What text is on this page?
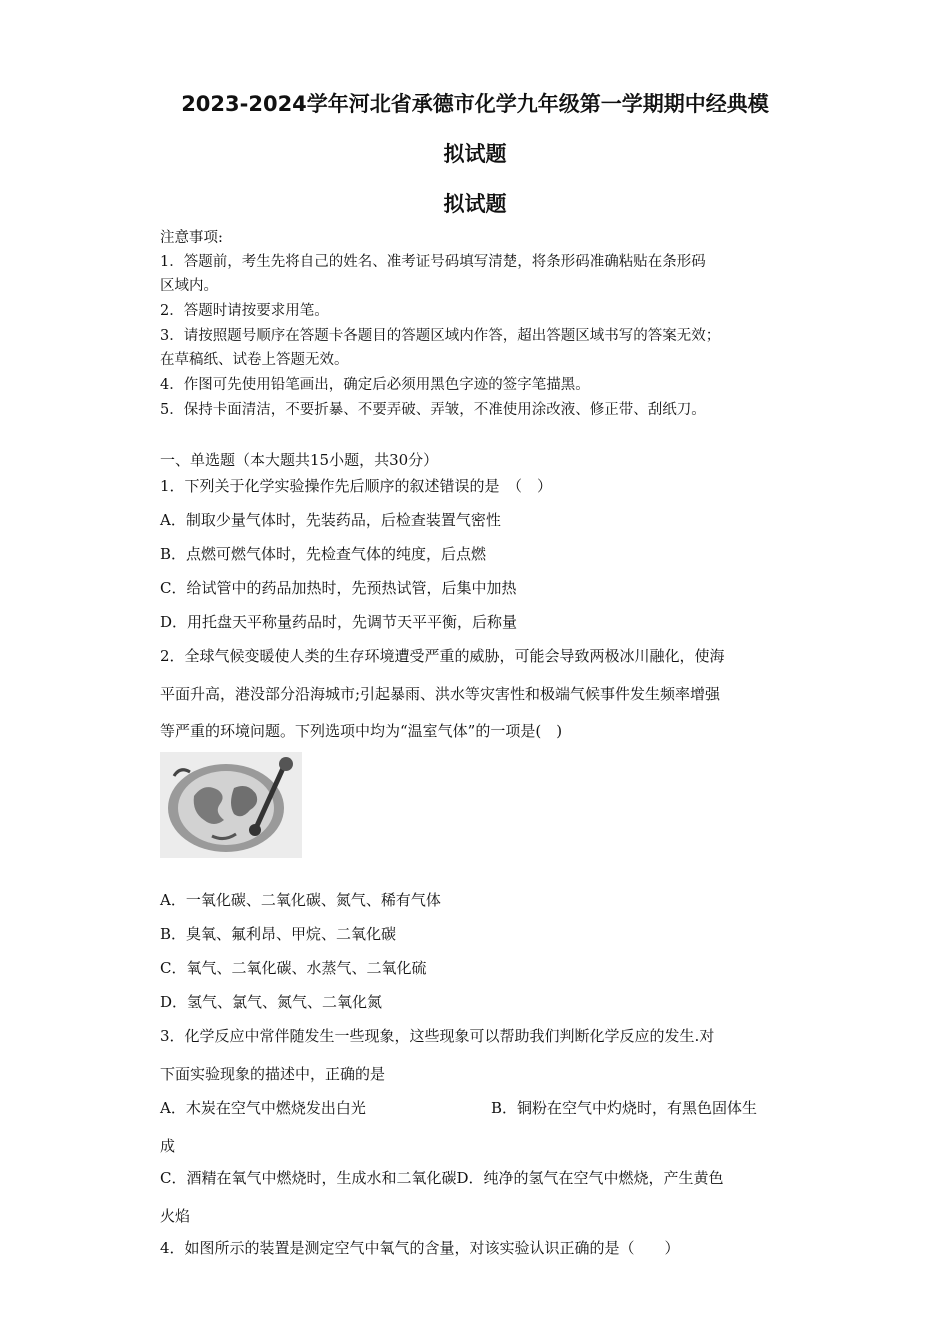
2023-2024学年河北省承德市化学九年级第一学期期中经典模
拟试题
拟试题
注意事项:
1．答题前，考生先将自己的姓名、准考证号码填写清楚，将条形码准确粘贴在条形码
区域内。
2．答题时请按要求用笔。
3．请按照题号顺序在答题卡各题目的答题区域内作答，超出答题区域书写的答案无效；
在草稿纸、试卷上答题无效。
4．作图可先使用铅笔画出，确定后必须用黑色字迹的签字笔描黑。
5．保持卡面清洁，不要折暴、不要弄破、弄皱，不准使用涂改液、修正带、刮纸刀。
一、单选题（本大题共15小题，共30分）
1．下列关于化学实验操作先后顺序的叙述错误的是　（　）
A．制取少量气体时，先装药品，后检查装置气密性
B．点燃可燃气体时，先检查气体的纯度，后点燃
C．给试管中的药品加热时，先预热试管，后集中加热
D．用托盘天平称量药品时，先调节天平平衡，后称量
2．全球气候变暖使人类的生存环境遭受严重的威胁，可能会导致两极冰川融化，使海
平面升高，港没部分沿海城市;引起暴雨、洪水等灾害性和极端气候事件发生频率增强
等严重的环境问题。下列选项中均为“温室气体”的一项是(　)
A．一氧化碳、二氧化碳、氮气、稀有气体
B．臭氧、氟利昂、甲烷、二氧化碳
C．氧气、二氧化碳、水蒸气、二氧化硫
D．氢气、氯气、氮气、二氧化氮
3．化学反应中常伴随发生一些现象，这些现象可以帮助我们判断化学反应的发生.对
下面实验现象的描述中，正确的是
A．木炭在空气中燃烧发出白光	B．铜粉在空气中灼烧时，有黑色固体生
成
C．酒精在氧气中燃烧时，生成水和二氧化碳D．纯净的氢气在空气中燃烧，产生黄色
火焰
4．如图所示的装置是测定空气中氧气的含量，对该实验认识正确的是（　　）
